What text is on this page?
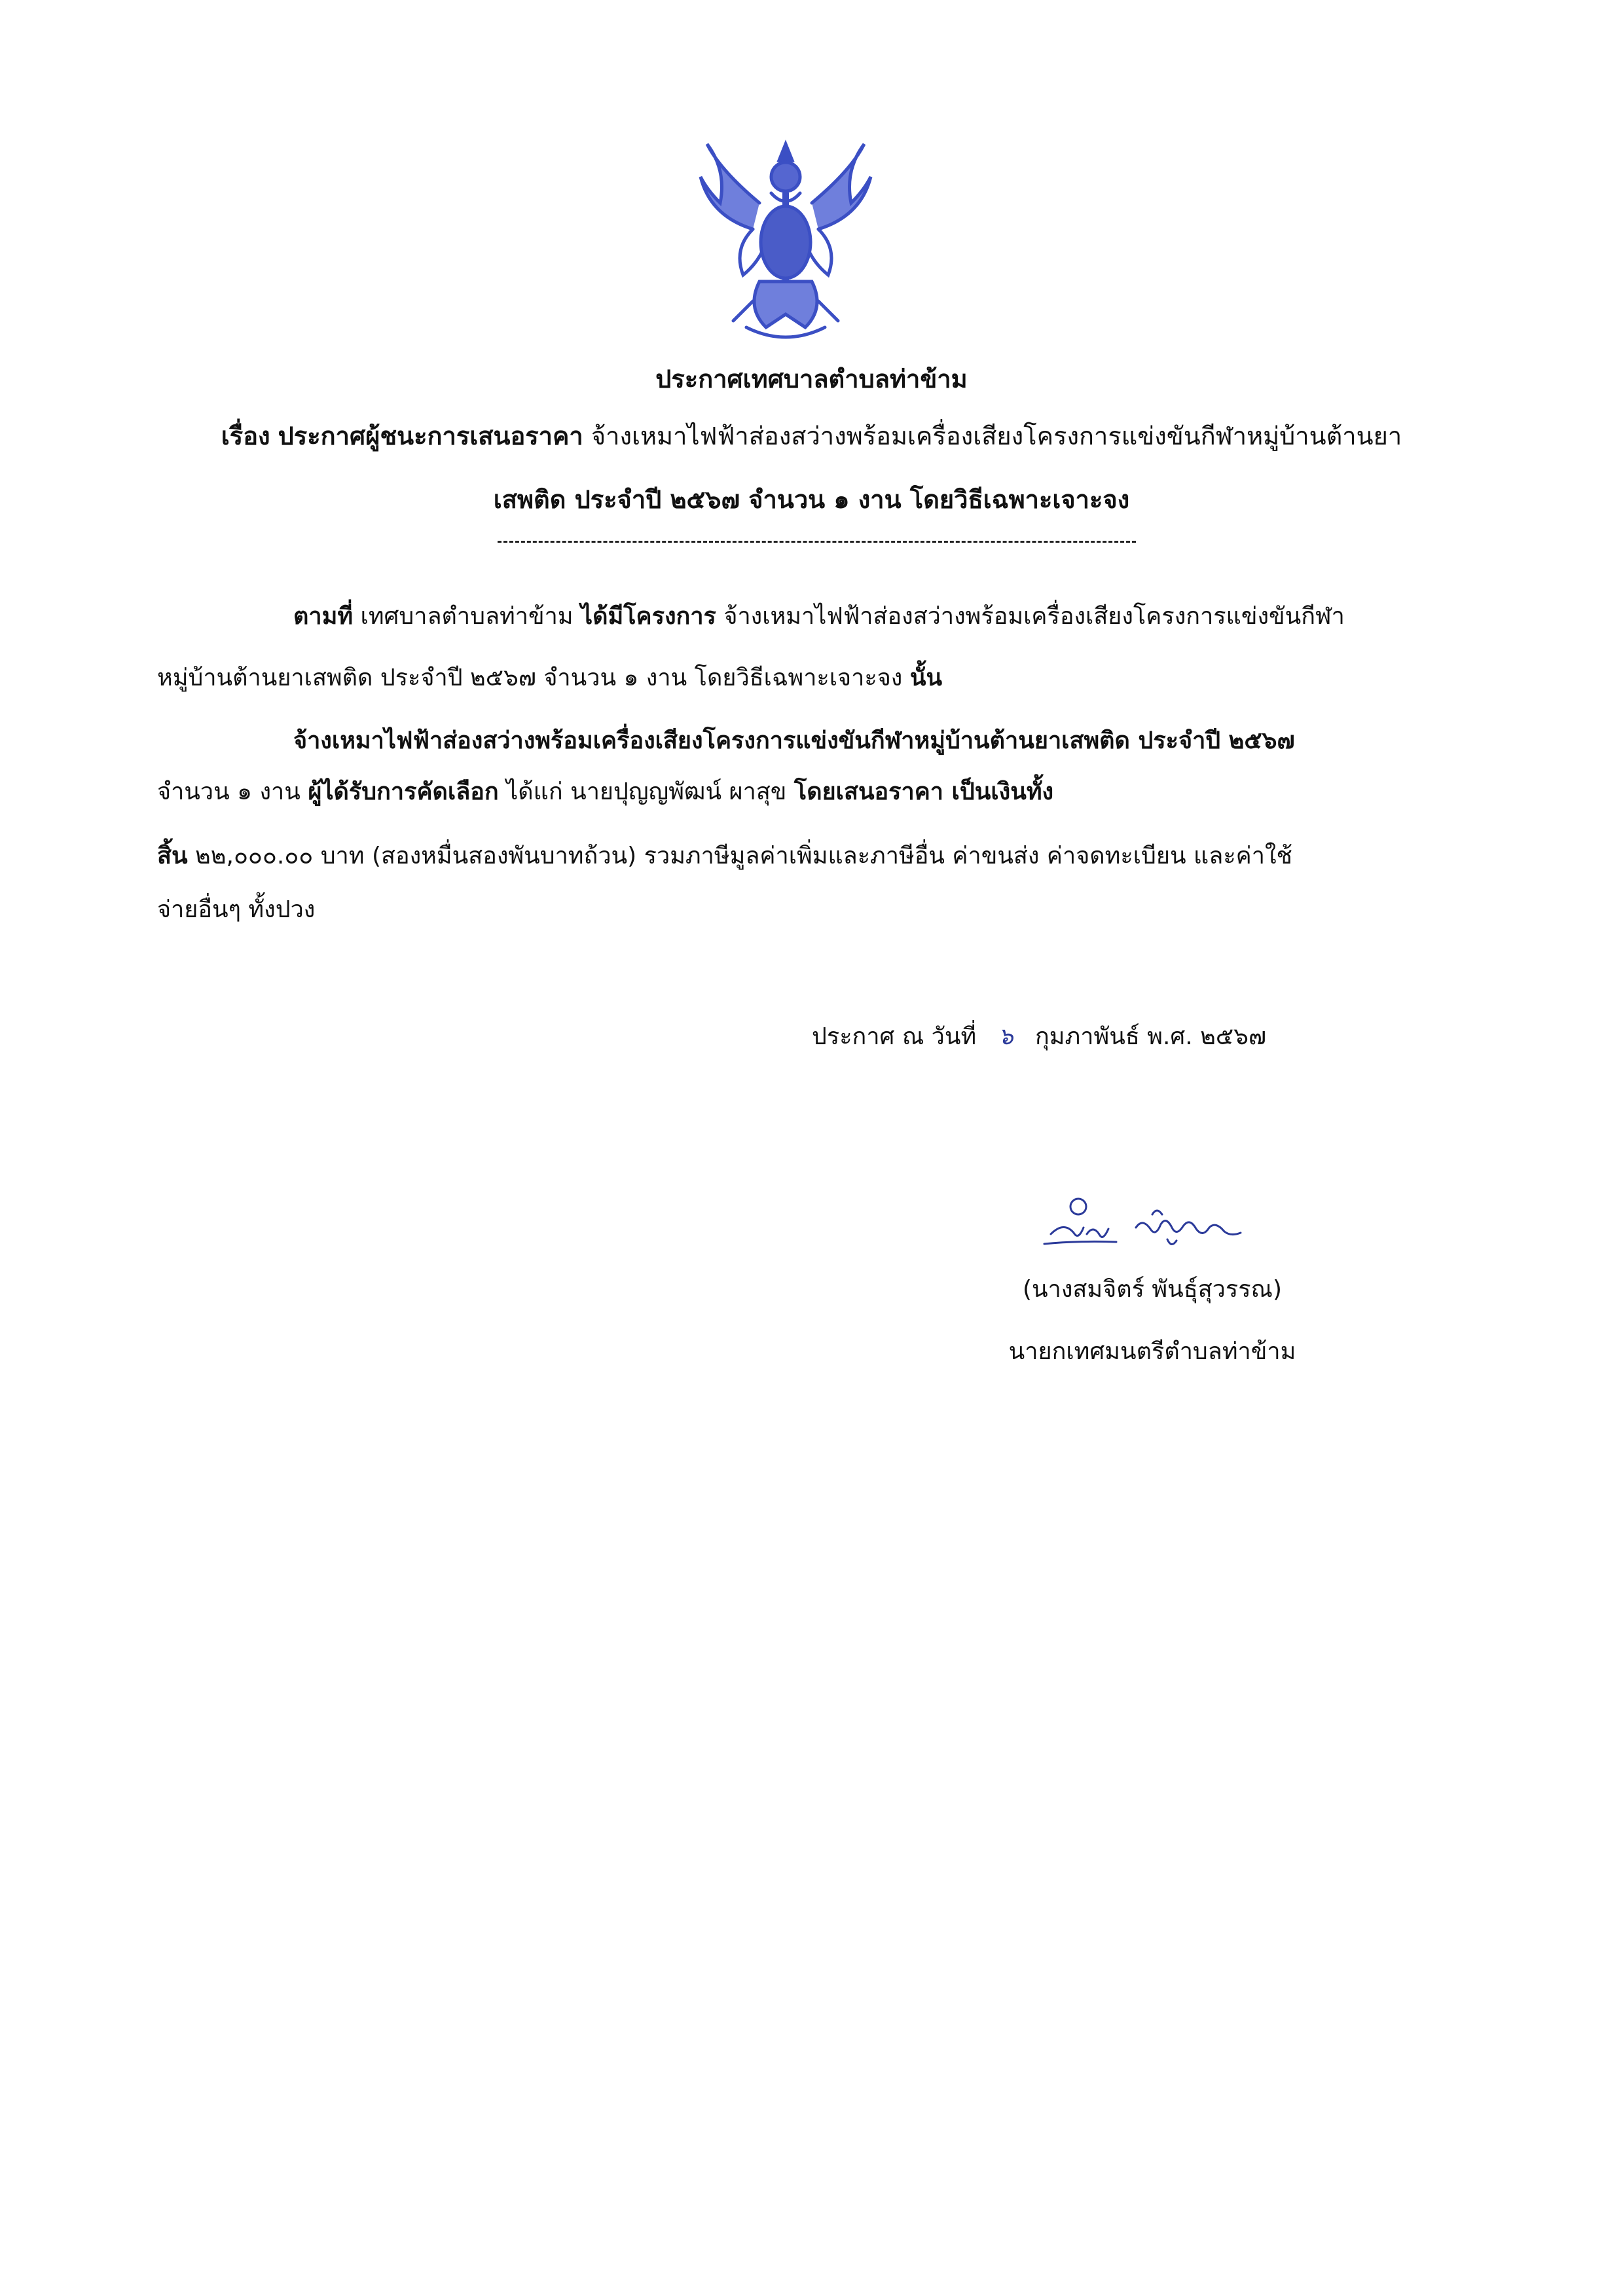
ประกาศเทศบาลตำบลท่าข้าม
เรื่อง ประกาศผู้ชนะการเสนอราคา จ้างเหมาไฟฟ้าส่องสว่างพร้อมเครื่องเสียงโครงการแข่งขันกีฬาหมู่บ้านต้านยา
เสพติด ประจำปี ๒๕๖๗ จำนวน ๑ งาน โดยวิธีเฉพาะเจาะจง
ตามที่ เทศบาลตำบลท่าข้าม ได้มีโครงการ จ้างเหมาไฟฟ้าส่องสว่างพร้อมเครื่องเสียงโครงการแข่งขันกีฬา
หมู่บ้านต้านยาเสพติด ประจำปี ๒๕๖๗ จำนวน ๑ งาน โดยวิธีเฉพาะเจาะจง นั้น
จ้างเหมาไฟฟ้าส่องสว่างพร้อมเครื่องเสียงโครงการแข่งขันกีฬาหมู่บ้านต้านยาเสพติด ประจำปี ๒๕๖๗
จำนวน ๑ งาน ผู้ได้รับการคัดเลือก ได้แก่ นายปุญญพัฒน์ ผาสุข โดยเสนอราคา เป็นเงินทั้ง
สิ้น ๒๒,๐๐๐.๐๐ บาท (สองหมื่นสองพันบาทถ้วน) รวมภาษีมูลค่าเพิ่มและภาษีอื่น ค่าขนส่ง ค่าจดทะเบียน และค่าใช้
จ่ายอื่นๆ ทั้งปวง
ประกาศ ณ วันที่ ๖ กุมภาพันธ์ พ.ศ. ๒๕๖๗
(นางสมจิตร์ พันธุ์สุวรรณ)
นายกเทศมนตรีตำบลท่าข้าม
